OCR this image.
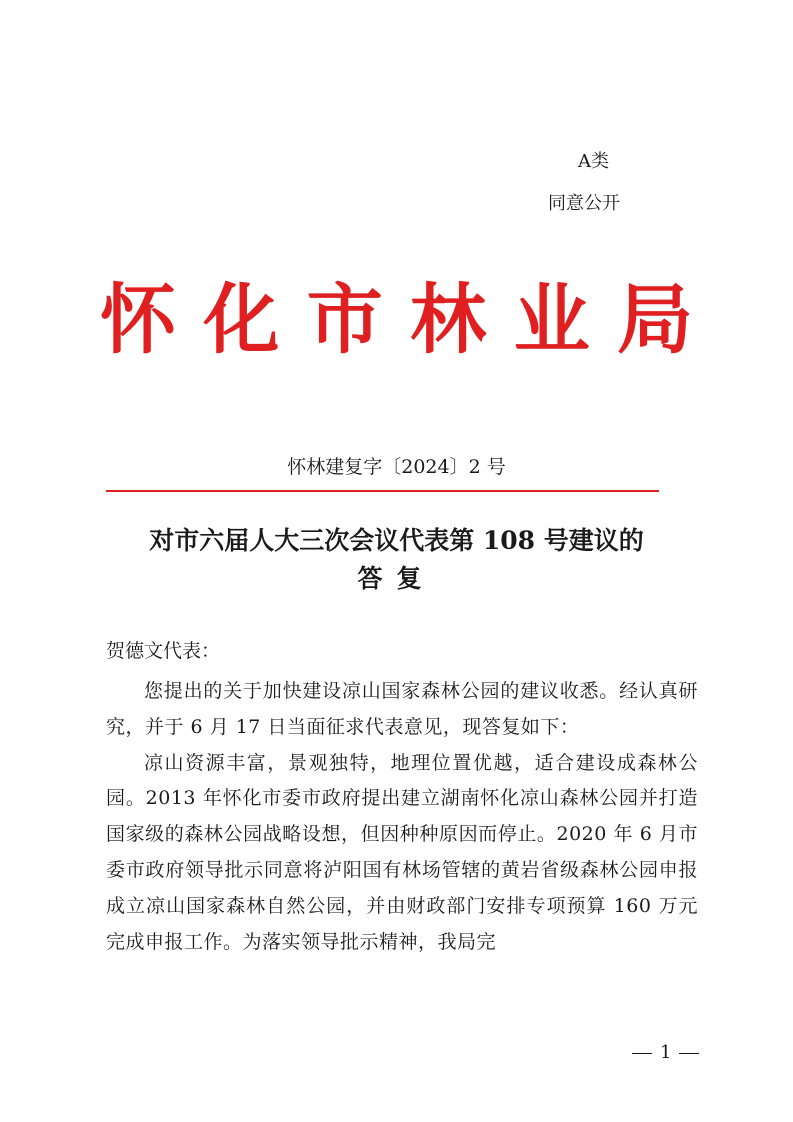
A类
同意公开
怀 化 市 林 业 局
怀林建复字〔2024〕2 号
对市六届人大三次会议代表第 108 号建议的
答复
贺德文代表：

您提出的关于加快建设凉山国家森林公园的建议收悉。经认真研究，并于 6 月 17 日当面征求代表意见，现答复如下：

凉山资源丰富，景观独特，地理位置优越，适合建设成森林公园。2013 年怀化市委市政府提出建立湖南怀化凉山森林公园并打造国家级的森林公园战略设想，但因种种原因而停止。2020 年 6 月市委市政府领导批示同意将泸阳国有林场管辖的黄岩省级森林公园申报成立凉山国家森林自然公园，并由财政部门安排专项预算 160 万元完成申报工作。为落实领导批示精神，我局完

1
